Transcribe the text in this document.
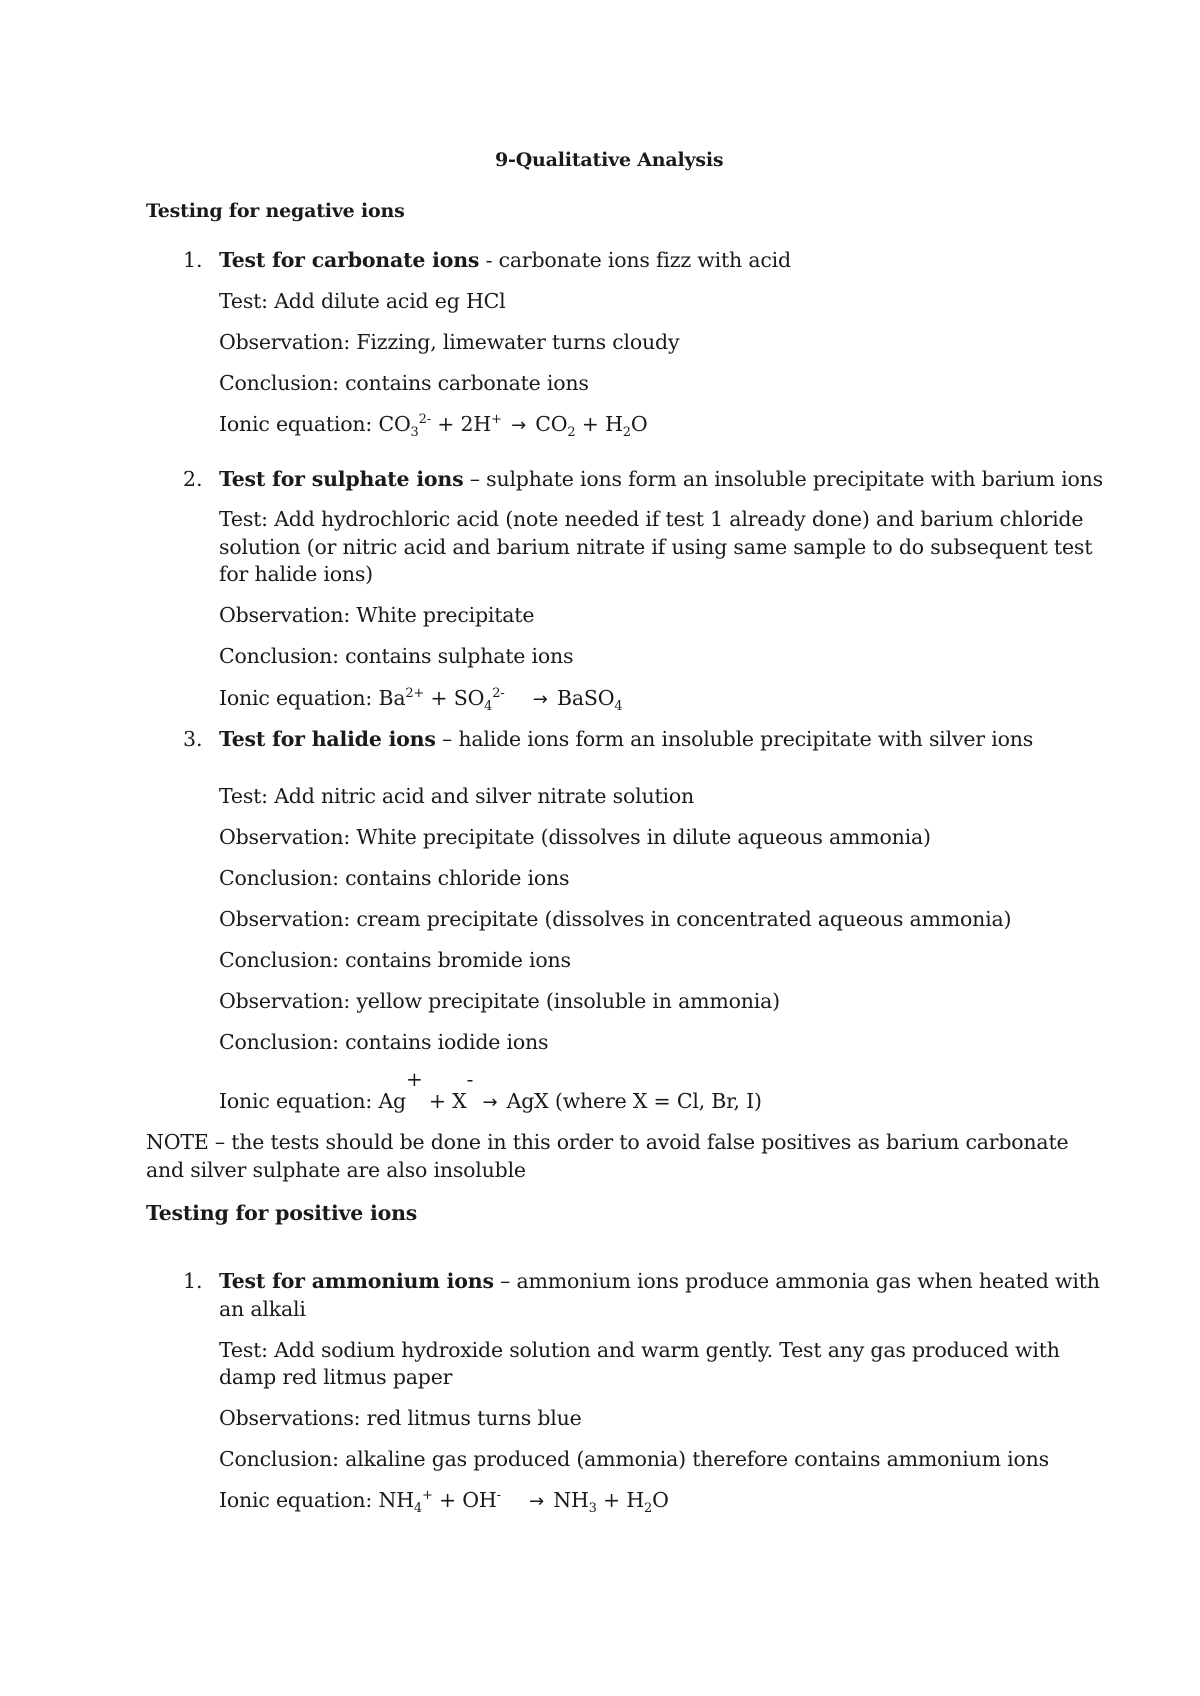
9-Qualitative Analysis
Testing for negative ions
1. Test for carbonate ions - carbonate ions fizz with acid
Test: Add dilute acid eg HCl
Observation: Fizzing, limewater turns cloudy
Conclusion: contains carbonate ions
Ionic equation: $CO_3^{2-} + 2H^+ \to CO_2 + H_2O$
2. Test for sulphate ions – sulphate ions form an insoluble precipitate with barium ions
Test: Add hydrochloric acid (note needed if test 1 already done) and barium chloride
solution (or nitric acid and barium nitrate if using same sample to do subsequent test
for halide ions)
Observation: White precipitate
Conclusion: contains sulphate ions
Ionic equation: $Ba^{2+} + SO_4^{2-}$ → BaSO$_4$
3. Test for halide ions – halide ions form an insoluble precipitate with silver ions
Test: Add nitric acid and silver nitrate solution
Observation: White precipitate (dissolves in dilute aqueous ammonia)
Conclusion: contains chloride ions
Observation: cream precipitate (dissolves in concentrated aqueous ammonia)
Conclusion: contains bromide ions
Observation: yellow precipitate (insoluble in ammonia)
Conclusion: contains iodide ions
Ionic equation: Ag+ + X- → AgX (where X = Cl, Br, I)
NOTE – the tests should be done in this order to avoid false positives as barium carbonate
and silver sulphate are also insoluble
Testing for positive ions
1. Test for ammonium ions – ammonium ions produce ammonia gas when heated with
an alkali
Test: Add sodium hydroxide solution and warm gently. Test any gas produced with
damp red litmus paper
Observations: red litmus turns blue
Conclusion: alkaline gas produced (ammonia) therefore contains ammonium ions
Ionic equation: $NH_4^+ + OH^- \to NH_3 + H_2O$
